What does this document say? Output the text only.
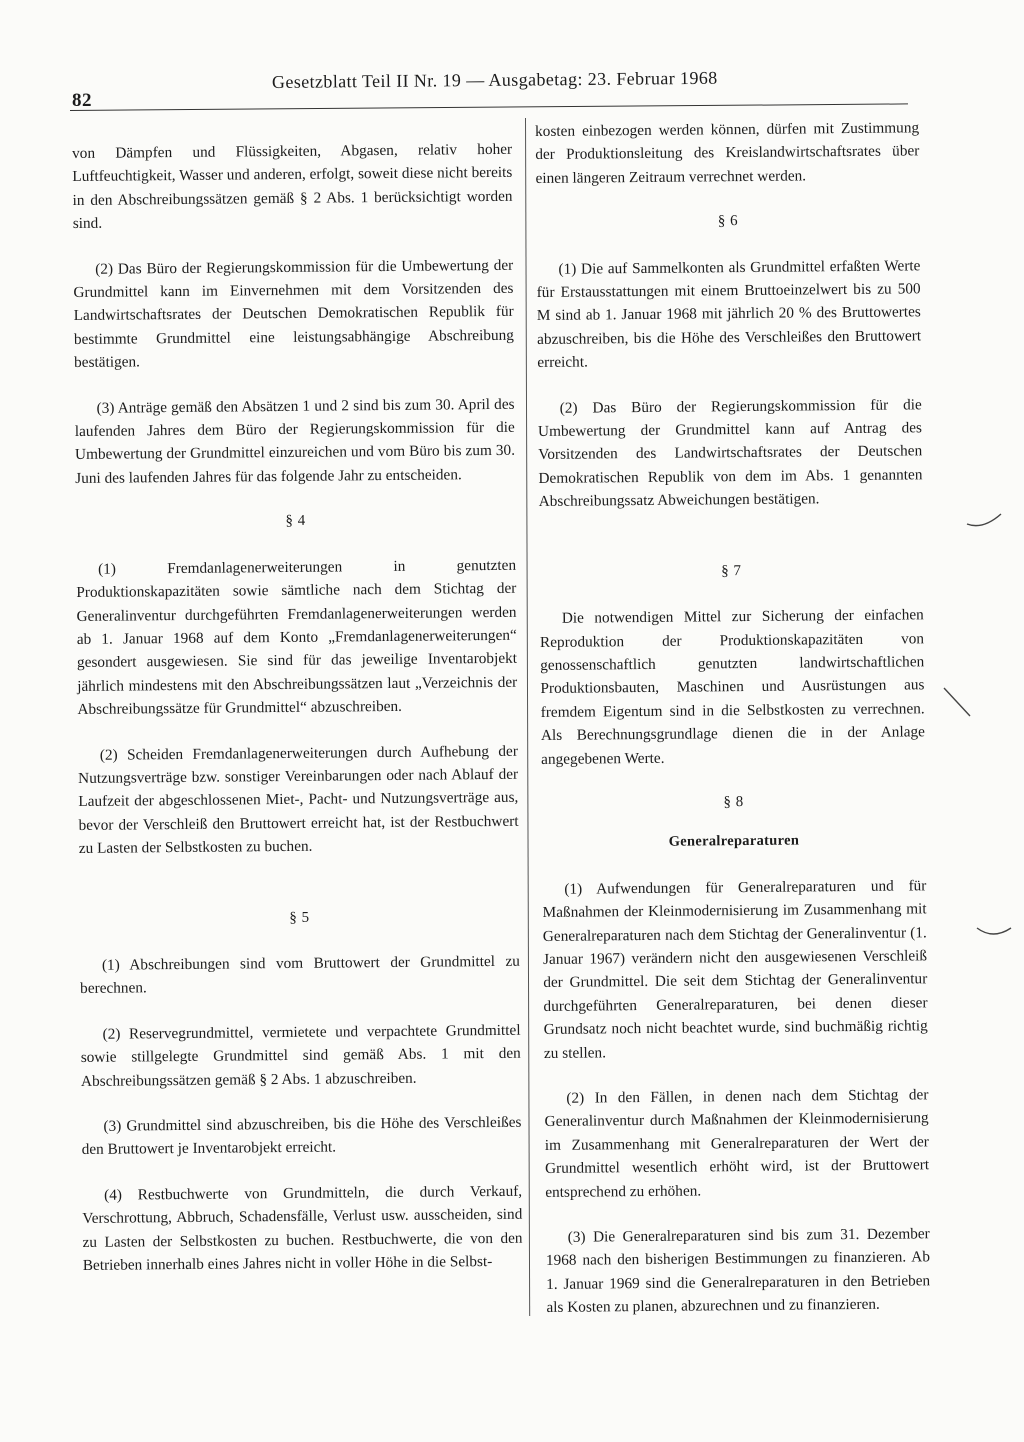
82
Gesetzblatt Teil II Nr. 19 — Ausgabetag: 23. Februar 1968

von Dämpfen und Flüssigkeiten, Abgasen, relativ hoher Luftfeuchtigkeit, Wasser und anderen, erfolgt, soweit diese nicht bereits in den Abschreibungssätzen gemäß § 2 Abs. 1 berücksichtigt worden sind.

(2) Das Büro der Regierungskommission für die Umbewertung der Grundmittel kann im Einvernehmen mit dem Vorsitzenden des Landwirtschaftsrates der Deutschen Demokratischen Republik für bestimmte Grundmittel eine leistungsabhängige Abschreibung bestätigen.

(3) Anträge gemäß den Absätzen 1 und 2 sind bis zum 30. April des laufenden Jahres dem Büro der Regierungskommission für die Umbewertung der Grundmittel einzureichen und vom Büro bis zum 30. Juni des laufenden Jahres für das folgende Jahr zu entscheiden.

§ 4

(1) Fremdanlagenerweiterungen in genutzten Produktionskapazitäten sowie sämtliche nach dem Stichtag der Generalinventur durchgeführten Fremdanlagenerweiterungen werden ab 1. Januar 1968 auf dem Konto „Fremdanlagenerweiterungen“ gesondert ausgewiesen. Sie sind für das jeweilige Inventarobjekt jährlich mindestens mit den Abschreibungssätzen laut „Verzeichnis der Abschreibungssätze für Grundmittel“ abzuschreiben.

(2) Scheiden Fremdanlagenerweiterungen durch Aufhebung der Nutzungsverträge bzw. sonstiger Vereinbarungen oder nach Ablauf der Laufzeit der abgeschlossenen Miet-, Pacht- und Nutzungsverträge aus, bevor der Verschleiß den Bruttowert erreicht hat, ist der Restbuchwert zu Lasten der Selbstkosten zu buchen.

§ 5

(1) Abschreibungen sind vom Bruttowert der Grundmittel zu berechnen.

(2) Reservegrundmittel, vermietete und verpachtete Grundmittel sowie stillgelegte Grundmittel sind gemäß Abs. 1 mit den Abschreibungssätzen gemäß § 2 Abs. 1 abzuschreiben.

(3) Grundmittel sind abzuschreiben, bis die Höhe des Verschleißes den Bruttowert je Inventarobjekt erreicht.

(4) Restbuchwerte von Grundmitteln, die durch Verkauf, Verschrottung, Abbruch, Schadensfälle, Verlust usw. ausscheiden, sind zu Lasten der Selbstkosten zu buchen. Restbuchwerte, die von den Betrieben innerhalb eines Jahres nicht in voller Höhe in die Selbst-

kosten einbezogen werden können, dürfen mit Zustimmung der Produktionsleitung des Kreislandwirtschaftsrates über einen längeren Zeitraum verrechnet werden.

§ 6

(1) Die auf Sammelkonten als Grundmittel erfaßten Werte für Erstausstattungen mit einem Bruttoeinzelwert bis zu 500 M sind ab 1. Januar 1968 mit jährlich 20 % des Bruttowertes abzuschreiben, bis die Höhe des Verschleißes den Bruttowert erreicht.

(2) Das Büro der Regierungskommission für die Umbewertung der Grundmittel kann auf Antrag des Vorsitzenden des Landwirtschaftsrates der Deutschen Demokratischen Republik von dem im Abs. 1 genannten Abschreibungssatz Abweichungen bestätigen.

§ 7

Die notwendigen Mittel zur Sicherung der einfachen Reproduktion der Produktionskapazitäten von genossenschaftlich genutzten landwirtschaftlichen Produktionsbauten, Maschinen und Ausrüstungen aus fremdem Eigentum sind in die Selbstkosten zu verrechnen. Als Berechnungsgrundlage dienen die in der Anlage angegebenen Werte.

§ 8
Generalreparaturen

(1) Aufwendungen für Generalreparaturen und für Maßnahmen der Kleinmodernisierung im Zusammenhang mit Generalreparaturen nach dem Stichtag der Generalinventur (1. Januar 1967) verändern nicht den ausgewiesenen Verschleiß der Grundmittel. Die seit dem Stichtag der Generalinventur durchgeführten Generalreparaturen, bei denen dieser Grundsatz noch nicht beachtet wurde, sind buchmäßig richtig zu stellen.

(2) In den Fällen, in denen nach dem Stichtag der Generalinventur durch Maßnahmen der Kleinmodernisierung im Zusammenhang mit Generalreparaturen der Wert der Grundmittel wesentlich erhöht wird, ist der Bruttowert entsprechend zu erhöhen.

(3) Die Generalreparaturen sind bis zum 31. Dezember 1968 nach den bisherigen Bestimmungen zu finanzieren. Ab 1. Januar 1969 sind die Generalreparaturen in den Betrieben als Kosten zu planen, abzurechnen und zu finanzieren.
